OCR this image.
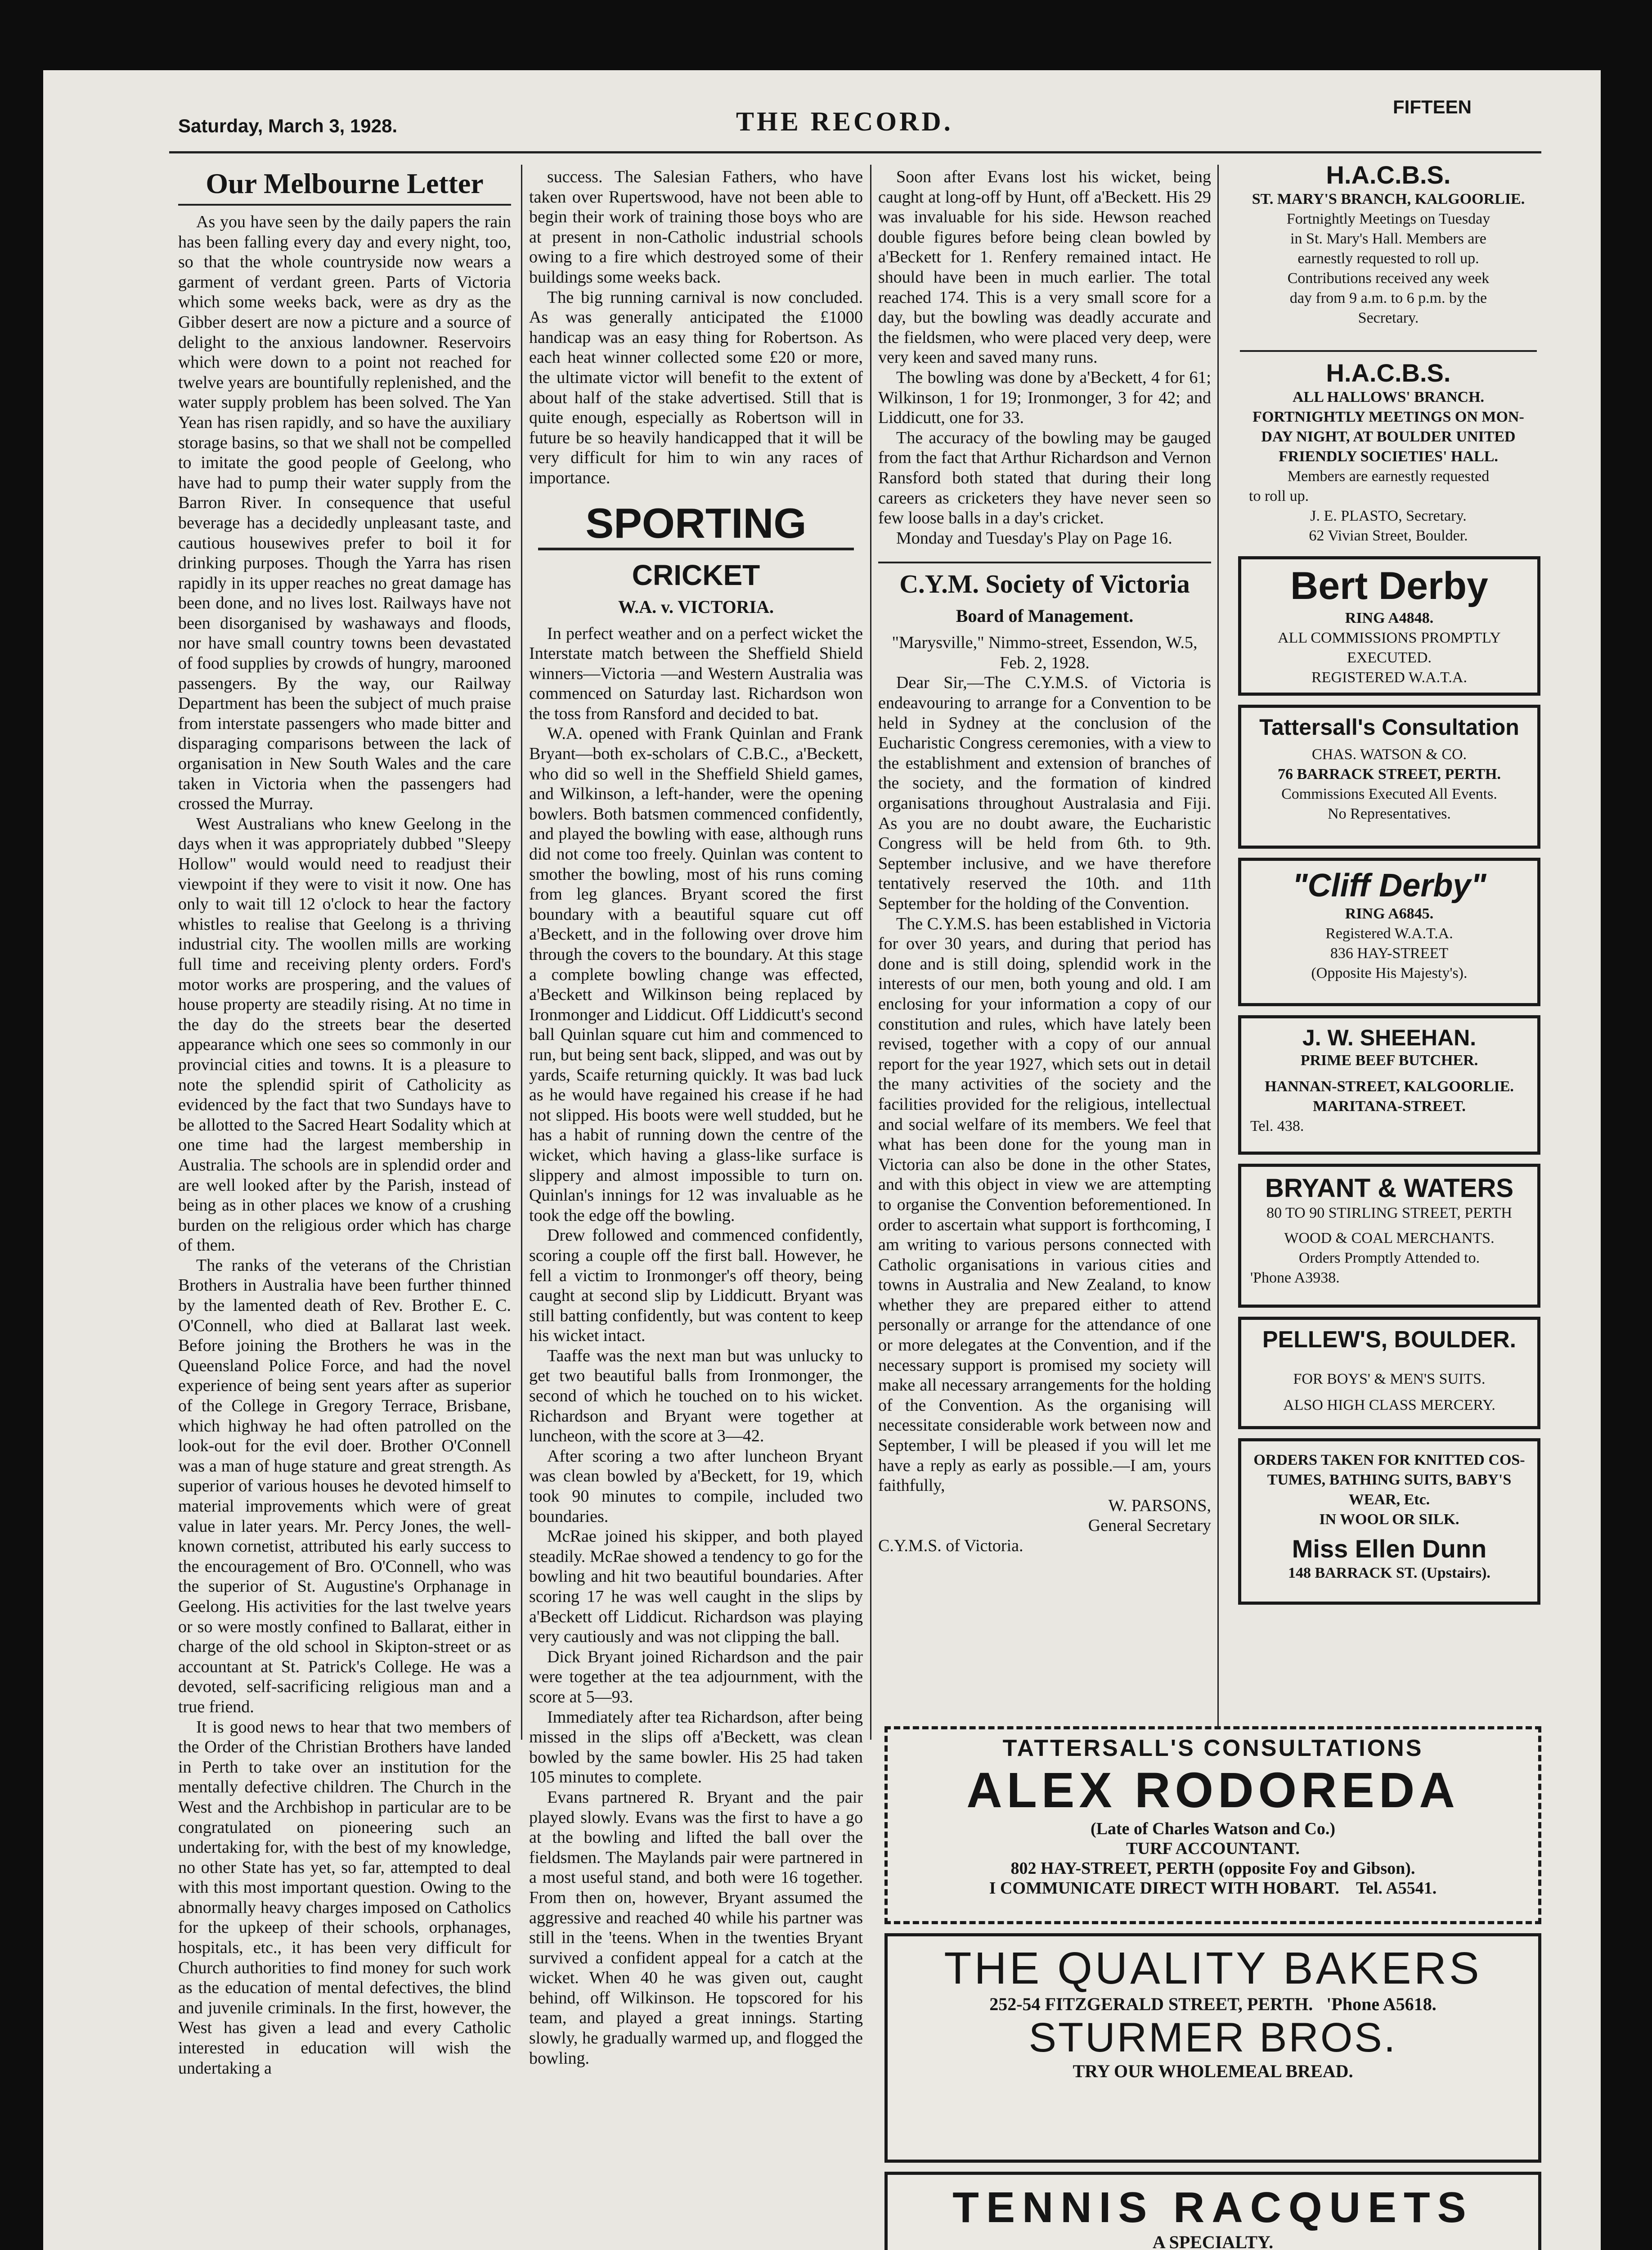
Saturday, March 3, 1928.	THE RECORD.	FIFTEEN
Our Melbourne Letter

As you have seen by the daily papers the rain has been falling every day and every night, too, so that the whole countryside now wears a garment of verdant green. Parts of Victoria which some weeks back, were as dry as the Gibber desert are now a picture and a source of delight to the anxious landowner. Reservoirs which were down to a point not reached for twelve years are bountifully replenished, and the water supply problem has been solved. The Yan Yean has risen rapidly, and so have the auxiliary storage basins, so that we shall not be compelled to imitate the good people of Geelong, who have had to pump their water supply from the Barron River. In consequence that useful beverage has a decidedly unpleasant taste, and cautious housewives prefer to boil it for drinking purposes. Though the Yarra has risen rapidly in its upper reaches no great damage has been done, and no lives lost. Railways have not been disorganised by washaways and floods, nor have small country towns been devastated of food supplies by crowds of hungry, marooned passengers. By the way, our Railway Department has been the subject of much praise from interstate passengers who made bitter and disparaging comparisons between the lack of organisation in New South Wales and the care taken in Victoria when the passengers had crossed the Murray.

West Australians who knew Geelong in the days when it was appropriately dubbed "Sleepy Hollow" would would need to readjust their viewpoint if they were to visit it now. One has only to wait till 12 o'clock to hear the factory whistles to realise that Geelong is a thriving industrial city. The woollen mills are working full time and receiving plenty orders. Ford's motor works are prospering, and the values of house property are steadily rising. At no time in the day do the streets bear the deserted appearance which one sees so commonly in our provincial cities and towns. It is a pleasure to note the splendid spirit of Catholicity as evidenced by the fact that two Sundays have to be allotted to the Sacred Heart Sodality which at one time had the largest membership in Australia. The schools are in splendid order and are well looked after by the Parish, instead of being as in other places we know of a crushing burden on the religious order which has charge of them.

The ranks of the veterans of the Christian Brothers in Australia have been further thinned by the lamented death of Rev. Brother E. C. O'Connell, who died at Ballarat last week. Before joining the Brothers he was in the Queensland Police Force, and had the novel experience of being sent years after as superior of the College in Gregory Terrace, Brisbane, which highway he had often patrolled on the look-out for the evil doer. Brother O'Connell was a man of huge stature and great strength. As superior of various houses he devoted himself to material improvements which were of great value in later years. Mr. Percy Jones, the well-known cornetist, attributed his early success to the encouragement of Bro. O'Connell, who was the superior of St. Augustine's Orphanage in Geelong. His activities for the last twelve years or so were mostly confined to Ballarat, either in charge of the old school in Skipton-street or as accountant at St. Patrick's College. He was a devoted, self-sacrificing religious man and a true friend.

It is good news to hear that two members of the Order of the Christian Brothers have landed in Perth to take over an institution for the mentally defective children. The Church in the West and the Archbishop in particular are to be congratulated on pioneering such an undertaking for, with the best of my knowledge, no other State has yet, so far, attempted to deal with this most important question. Owing to the abnormally heavy charges imposed on Catholics for the upkeep of their schools, orphanages, hospitals, etc., it has been very difficult for Church authorities to find money for such work as the education of mental defectives, the blind and juvenile criminals. In the first, however, the West has given a lead and every Catholic interested in education will wish the undertaking a

success. The Salesian Fathers, who have taken over Rupertswood, have not been able to begin their work of training those boys who are at present in non-Catholic industrial schools owing to a fire which destroyed some of their buildings some weeks back.

The big running carnival is now concluded. As was generally anticipated the £1000 handicap was an easy thing for Robertson. As each heat winner collected some £20 or more, the ultimate victor will benefit to the extent of about half of the stake advertised. Still that is quite enough, especially as Robertson will in future be so heavily handicapped that it will be very difficult for him to win any races of importance.

SPORTING
CRICKET
W.A. v. VICTORIA.

In perfect weather and on a perfect wicket the Interstate match between the Sheffield Shield winners—Victoria —and Western Australia was commenced on Saturday last. Richardson won the toss from Ransford and decided to bat.

W.A. opened with Frank Quinlan and Frank Bryant—both ex-scholars of C.B.C., a'Beckett, who did so well in the Sheffield Shield games, and Wilkinson, a left-hander, were the opening bowlers. Both batsmen commenced confidently, and played the bowling with ease, although runs did not come too freely. Quinlan was content to smother the bowling, most of his runs coming from leg glances. Bryant scored the first boundary with a beautiful square cut off a'Beckett, and in the following over drove him through the covers to the boundary. At this stage a complete bowling change was effected, a'Beckett and Wilkinson being replaced by Ironmonger and Liddicut. Off Liddicutt's second ball Quinlan square cut him and commenced to run, but being sent back, slipped, and was out by yards, Scaife returning quickly. It was bad luck as he would have regained his crease if he had not slipped. His boots were well studded, but he has a habit of running down the centre of the wicket, which having a glass-like surface is slippery and almost impossible to turn on. Quinlan's innings for 12 was invaluable as he took the edge off the bowling.

Drew followed and commenced confidently, scoring a couple off the first ball. However, he fell a victim to Ironmonger's off theory, being caught at second slip by Liddicutt. Bryant was still batting confidently, but was content to keep his wicket intact.

Taaffe was the next man but was unlucky to get two beautiful balls from Ironmonger, the second of which he touched on to his wicket. Richardson and Bryant were together at luncheon, with the score at 3—42.

After scoring a two after luncheon Bryant was clean bowled by a'Beckett, for 19, which took 90 minutes to compile, included two boundaries.

McRae joined his skipper, and both played steadily. McRae showed a tendency to go for the bowling and hit two beautiful boundaries. After scoring 17 he was well caught in the slips by a'Beckett off Liddicut. Richardson was playing very cautiously and was not clipping the ball.

Dick Bryant joined Richardson and the pair were together at the tea adjournment, with the score at 5—93.

Immediately after tea Richardson, after being missed in the slips off a'Beckett, was clean bowled by the same bowler. His 25 had taken 105 minutes to complete.

Evans partnered R. Bryant and the pair played slowly. Evans was the first to have a go at the bowling and lifted the ball over the fieldsmen. The Maylands pair were partnered in a most useful stand, and both were 16 together. From then on, however, Bryant assumed the aggressive and reached 40 while his partner was still in the 'teens. When in the twenties Bryant survived a confident appeal for a catch at the wicket. When 40 he was given out, caught behind, off Wilkinson. He topscored for his team, and played a great innings. Starting slowly, he gradually warmed up, and flogged the bowling.

Soon after Evans lost his wicket, being caught at long-off by Hunt, off a'Beckett. His 29 was invaluable for his side. Hewson reached double figures before being clean bowled by a'Beckett for 1. Renfery remained intact. He should have been in much earlier. The total reached 174. This is a very small score for a day, but the bowling was deadly accurate and the fieldsmen, who were placed very deep, were very keen and saved many runs.

The bowling was done by a'Beckett, 4 for 61; Wilkinson, 1 for 19; Ironmonger, 3 for 42; and Liddicutt, one for 33.

The accuracy of the bowling may be gauged from the fact that Arthur Richardson and Vernon Ransford both stated that during their long careers as cricketers they have never seen so few loose balls in a day's cricket.

Monday and Tuesday's Play on Page 16.

C.Y.M. Society of Victoria
Board of Management.

"Marysville," Nimmo-street, Essendon, W.5, Feb. 2, 1928.

Dear Sir,—The C.Y.M.S. of Victoria is endeavouring to arrange for a Convention to be held in Sydney at the conclusion of the Eucharistic Congress ceremonies, with a view to the establishment and extension of branches of the society, and the formation of kindred organisations throughout Australasia and Fiji. As you are no doubt aware, the Eucharistic Congress will be held from 6th. to 9th. September inclusive, and we have therefore tentatively reserved the 10th. and 11th September for the holding of the Convention.

The C.Y.M.S. has been established in Victoria for over 30 years, and during that period has done and is still doing, splendid work in the interests of our men, both young and old. I am enclosing for your information a copy of our constitution and rules, which have lately been revised, together with a copy of our annual report for the year 1927, which sets out in detail the many activities of the society and the facilities provided for the religious, intellectual and social welfare of its members. We feel that what has been done for the young man in Victoria can also be done in the other States, and with this object in view we are attempting to organise the Convention beforementioned. In order to ascertain what support is forthcoming, I am writing to various persons connected with Catholic organisations in various cities and towns in Australia and New Zealand, to know whether they are prepared either to attend personally or arrange for the attendance of one or more delegates at the Convention, and if the necessary support is promised my society will make all necessary arrangements for the holding of the Convention. As the organising will necessitate considerable work between now and September, I will be pleased if you will let me have a reply as early as possible.—I am, yours faithfully,

W. PARSONS,

General Secretary

C.Y.M.S. of Victoria.

H.A.C.B.S.
ST. MARY'S BRANCH, KALGOORLIE.
Fortnightly Meetings on Tuesday
in St. Mary's Hall. Members are
earnestly requested to roll up.
Contributions received any week
day from 9 a.m. to 6 p.m. by the
Secretary.
H.A.C.B.S.
ALL HALLOWS' BRANCH.
FORTNIGHTLY MEETINGS ON MON-
DAY NIGHT, AT BOULDER UNITED
FRIENDLY SOCIETIES' HALL.
Members are earnestly requested
to roll up.
J. E. PLASTO, Secretary.
62 Vivian Street, Boulder.
Bert Derby
RING A4848.
ALL COMMISSIONS PROMPTLY
EXECUTED.
REGISTERED W.A.T.A.
Tattersall's Consultation
CHAS. WATSON & CO.
76 BARRACK STREET, PERTH.
Commissions Executed All Events.
No Representatives.
"Cliff Derby"
RING A6845.
Registered W.A.T.A.
836 HAY-STREET
(Opposite His Majesty's).
J. W. SHEEHAN.
PRIME BEEF BUTCHER.
HANNAN-STREET, KALGOORLIE.
MARITANA-STREET.
Tel. 438.
BRYANT & WATERS
80 TO 90 STIRLING STREET, PERTH
WOOD & COAL MERCHANTS.
Orders Promptly Attended to.
'Phone A3938.
PELLEW'S, BOULDER.
FOR BOYS' & MEN'S SUITS.
ALSO HIGH CLASS MERCERY.
ORDERS TAKEN FOR KNITTED COS-
TUMES, BATHING SUITS, BABY'S
WEAR, Etc.
IN WOOL OR SILK.
Miss Ellen Dunn
148 BARRACK ST. (Upstairs).
TATTERSALL'S CONSULTATIONS
ALEX RODOREDA
(Late of Charles Watson and Co.)
TURF ACCOUNTANT.
802 HAY-STREET, PERTH (opposite Foy and Gibson).
I COMMUNICATE DIRECT WITH HOBART. Tel. A5541.
THE QUALITY BAKERS
252-54 FITZGERALD STREET, PERTH. 'Phone A5618.
STURMER BROS.
TRY OUR WHOLEMEAL BREAD.
TENNIS RACQUETS
A SPECIALTY.
